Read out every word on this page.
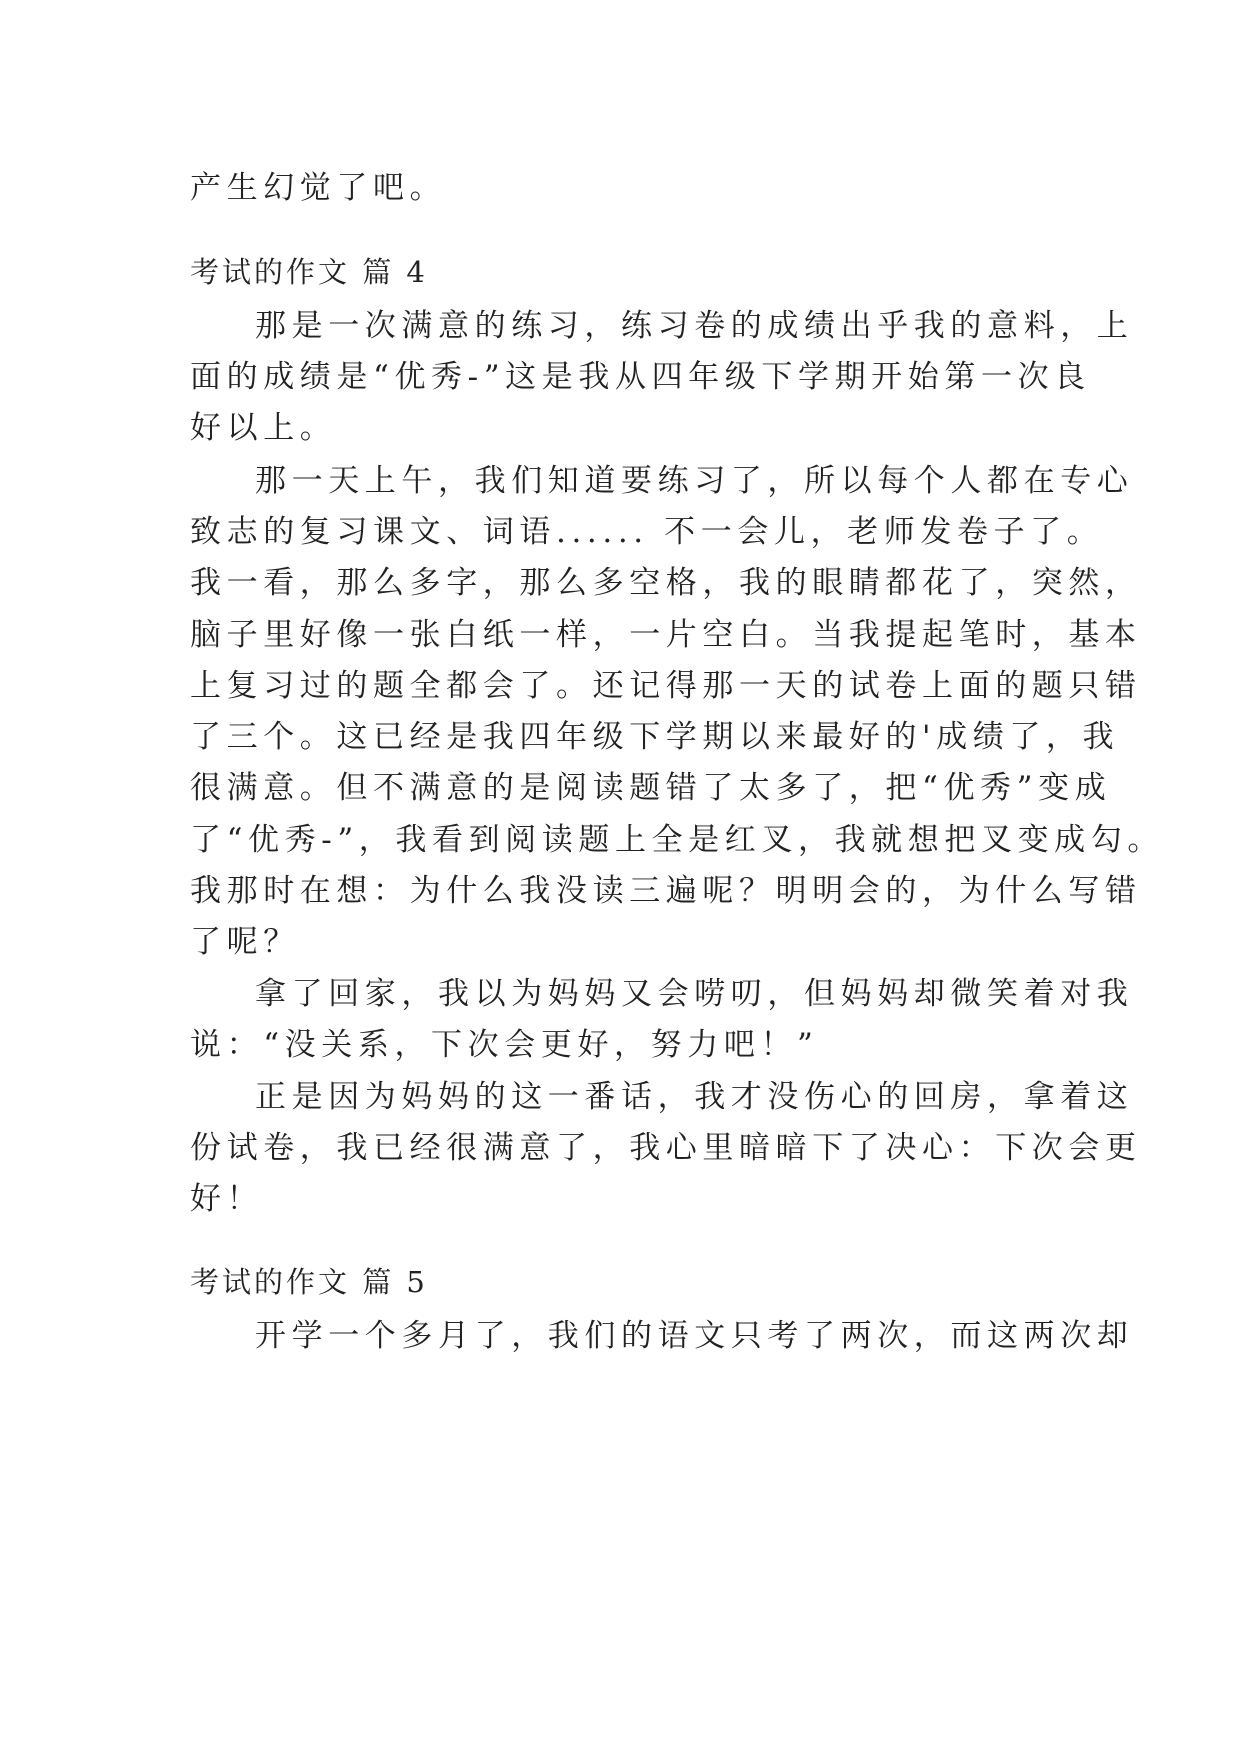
产生幻觉了吧。
考试的作文 篇 4
那是一次满意的练习，练习卷的成绩出乎我的意料，上
面的成绩是“优秀-”这是我从四年级下学期开始第一次良
好以上。
那一天上午，我们知道要练习了，所以每个人都在专心
致志的复习课文、词语...... 不一会儿，老师发卷子了。
我一看，那么多字，那么多空格，我的眼睛都花了，突然，
脑子里好像一张白纸一样，一片空白。当我提起笔时，基本
上复习过的题全都会了。还记得那一天的试卷上面的题只错
了三个。这已经是我四年级下学期以来最好的'成绩了，我
很满意。但不满意的是阅读题错了太多了，把“优秀”变成
了“优秀-”，我看到阅读题上全是红叉，我就想把叉变成勾。
我那时在想：为什么我没读三遍呢？明明会的，为什么写错
了呢？
拿了回家，我以为妈妈又会唠叨，但妈妈却微笑着对我
说：“没关系，下次会更好，努力吧！”
正是因为妈妈的这一番话，我才没伤心的回房，拿着这
份试卷，我已经很满意了，我心里暗暗下了决心：下次会更
好！
考试的作文 篇 5
开学一个多月了，我们的语文只考了两次，而这两次却
